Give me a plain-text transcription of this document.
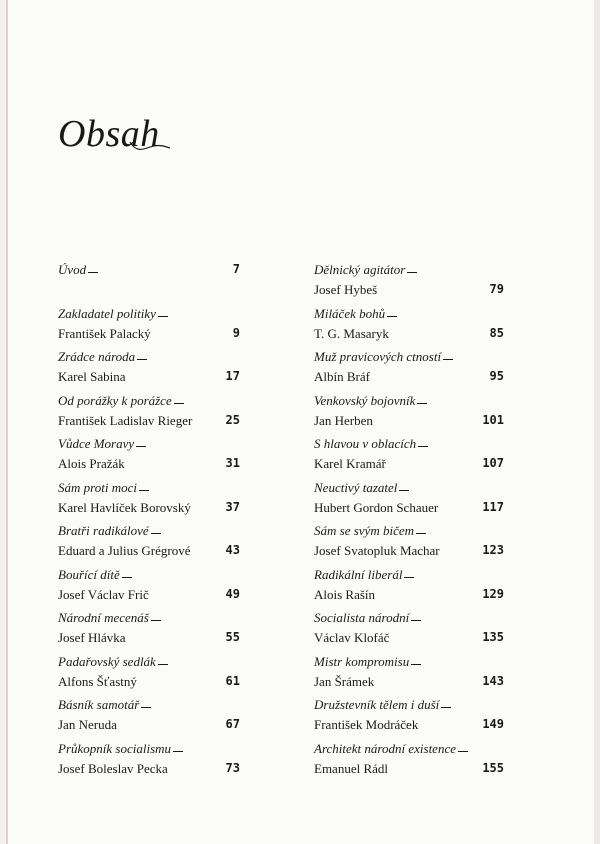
Obsah
Úvod	7
Zakladatel politiky
František Palacký	9
Zrádce národa
Karel Sabina	17
Od porážky k porážce
František Ladislav Rieger	25
Vůdce Moravy
Alois Pražák	31
Sám proti moci
Karel Havlíček Borovský	37
Bratři radikálové
Eduard a Julius Grégrové	43
Bouřící dítě
Josef Václav Frič	49
Národní mecenáš
Josef Hlávka	55
Padařovský sedlák
Alfons Šťastný	61
Básník samotář
Jan Neruda	67
Průkopník socialismu
Josef Boleslav Pecka	73
Dělnický agitátor
Josef Hybeš	79
Miláček bohů
T. G. Masaryk	85
Muž pravicových ctností
Albín Bráf	95
Venkovský bojovník
Jan Herben	101
S hlavou v oblacích
Karel Kramář	107
Neuctivý tazatel
Hubert Gordon Schauer	117
Sám se svým bičem
Josef Svatopluk Machar	123
Radikální liberál
Alois Rašín	129
Socialista národní
Václav Klofáč	135
Mistr kompromisu
Jan Šrámek	143
Družstevník tělem i duší
František Modráček	149
Architekt národní existence
Emanuel Rádl	155
